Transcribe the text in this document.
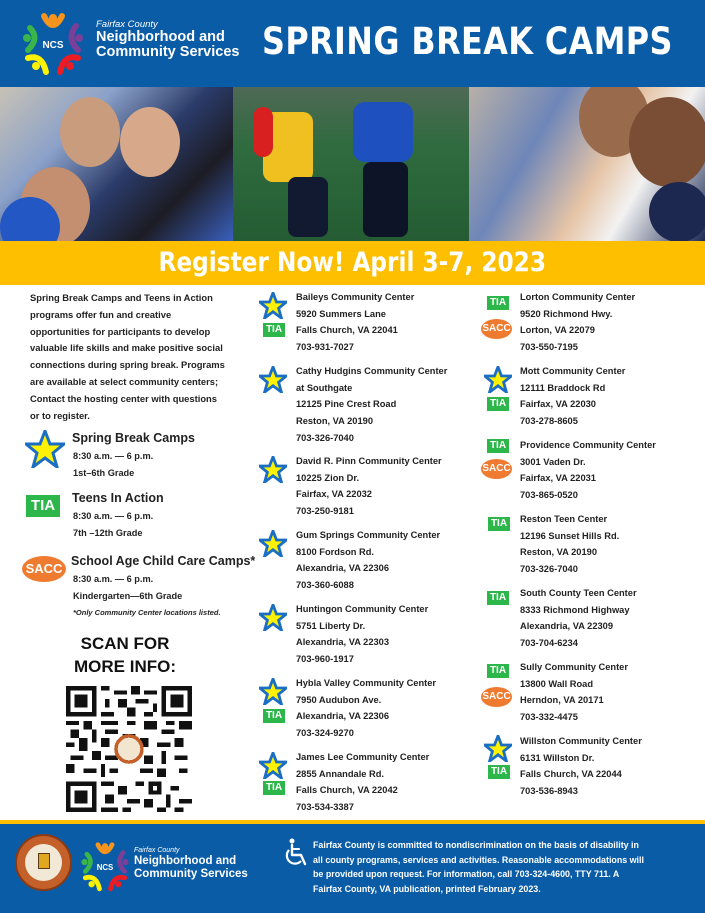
NCS
Fairfax County
Neighborhood and
Community Services SPRING BREAK CAMPS
Register Now! April 3-7, 2023
Spring Break Camps and Teens in Action
programs offer fun and creative
opportunities for participants to develop
valuable life skills and make positive social
connections during spring break. Programs
are available at select community centers;
Contact the hosting center with questions
or to register.
Spring Break Camps
8:30 a.m. — 6 p.m.
1st–6th Grade
TIA	Teens In Action
8:30 a.m. — 6 p.m.
7th –12th Grade
SACC School Age Child Care Camps*
8:30 a.m. — 6 p.m.
Kindergarten—6th Grade
*Only Community Center locations listed.
SCAN FOR
MORE INFO:
TIA
Baileys Community Center
5920 Summers Lane
Falls Church, VA 22041
703-931-7027
Cathy Hudgins Community Center
at Southgate
12125 Pine Crest Road
Reston, VA 20190
703-326-7040
David R. Pinn Community Center
10225 Zion Dr.
Fairfax, VA 22032
703-250-9181
Gum Springs Community Center
8100 Fordson Rd.
Alexandria, VA 22306
703-360-6088
Huntingon Community Center
5751 Liberty Dr.
Alexandria, VA 22303
703-960-1917
TIA
Hybla Valley Community Center
7950 Audubon Ave.
Alexandria, VA 22306
703-324-9270
TIA
James Lee Community Center
2855 Annandale Rd.
Falls Church, VA 22042
703-534-3387
TIA
SACC
Lorton Community Center
9520 Richmond Hwy.
Lorton, VA 22079
703-550-7195
TIA
Mott Community Center
12111 Braddock Rd
Fairfax, VA 22030
703-278-8605
TIA
SACC
Providence Community Center
3001 Vaden Dr.
Fairfax, VA 22031
703-865-0520
TIA	Reston Teen Center
12196 Sunset Hills Rd.
Reston, VA 20190
703-326-7040
TIA	South County Teen Center
8333 Richmond Highway
Alexandria, VA 22309
703-704-6234
TIA
SACC
Sully Community Center
13800 Wall Road
Herndon, VA 20171
703-332-4475
TIA
Willston Community Center
6131 Willston Dr.
Falls Church, VA 22044
703-536-8943
NCS
Fairfax County
Neighborhood and
Community Services
Fairfax County is committed to nondiscrimination on the basis of disability in
all county programs, services and activities. Reasonable accommodations will
be provided upon request. For information, call 703-324-4600, TTY 711. A
Fairfax County, VA publication, printed February 2023.
